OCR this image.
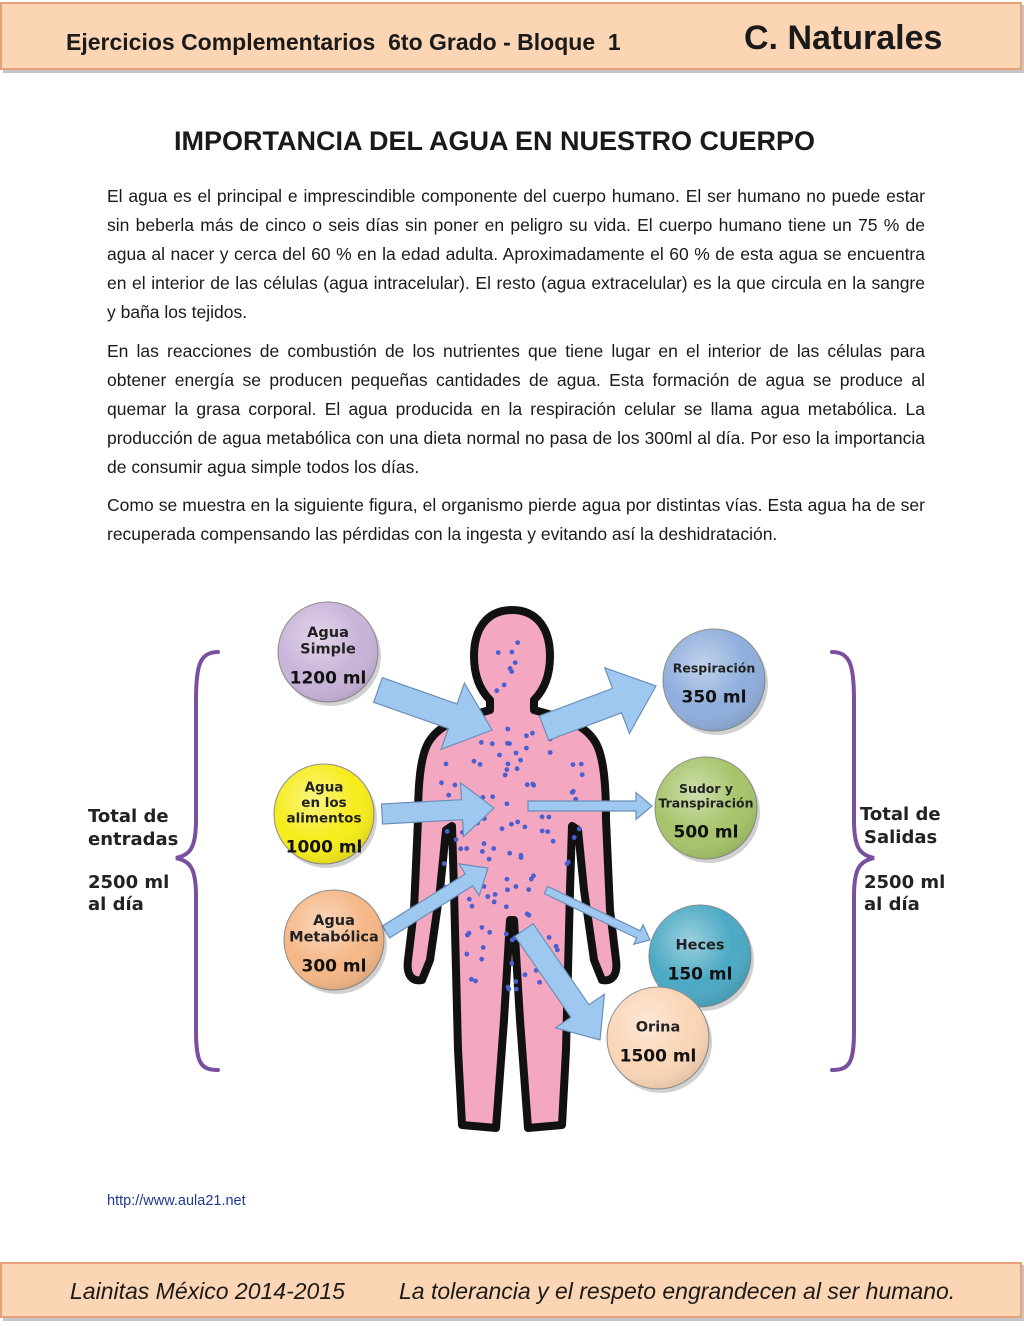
Ejercicios Complementarios  6to Grado - Bloque  1	C. Naturales
IMPORTANCIA DEL AGUA EN NUESTRO CUERPO

El agua es el principal e imprescindible componente del cuerpo humano. El ser humano no puede estar sin beberla más de cinco o seis días sin poner en peligro su vida. El cuerpo humano tiene un 75 % de agua al nacer y cerca del 60 % en la edad adulta. Aproximadamente el 60 % de esta agua se encuentra en el interior de las células (agua intracelular). El resto (agua extracelular) es la que circula en la sangre y baña los tejidos.

En las reacciones de combustión de los nutrientes que tiene lugar en el interior de las células para obtener energía se producen pequeñas cantidades de agua. Esta formación de agua se produce al quemar la grasa corporal. El agua producida en la respiración celular se llama agua metabólica. La producción de agua metabólica con una dieta normal no pasa de los 300ml al día. Por eso la importancia de consumir agua simple todos los días.

Como se muestra en la siguiente figura, el organismo pierde agua por distintas vías. Esta agua ha de ser recuperada compensando las pérdidas con la ingesta y evitando así la deshidratación.

Agua
Simple
1200 ml
Agua
en los
alimentos
1000 ml
Agua
Metabólica
300 ml
Respiración
350 ml
Sudor y
Transpiración
500 ml
Heces
150 ml
Orina
1500 ml
Total de
entradas
2500 ml
al día
Total de
Salidas
2500 ml
al día
http://www.aula21.net
Lainitas México 2014-2015 La tolerancia y el respeto engrandecen al ser humano.
